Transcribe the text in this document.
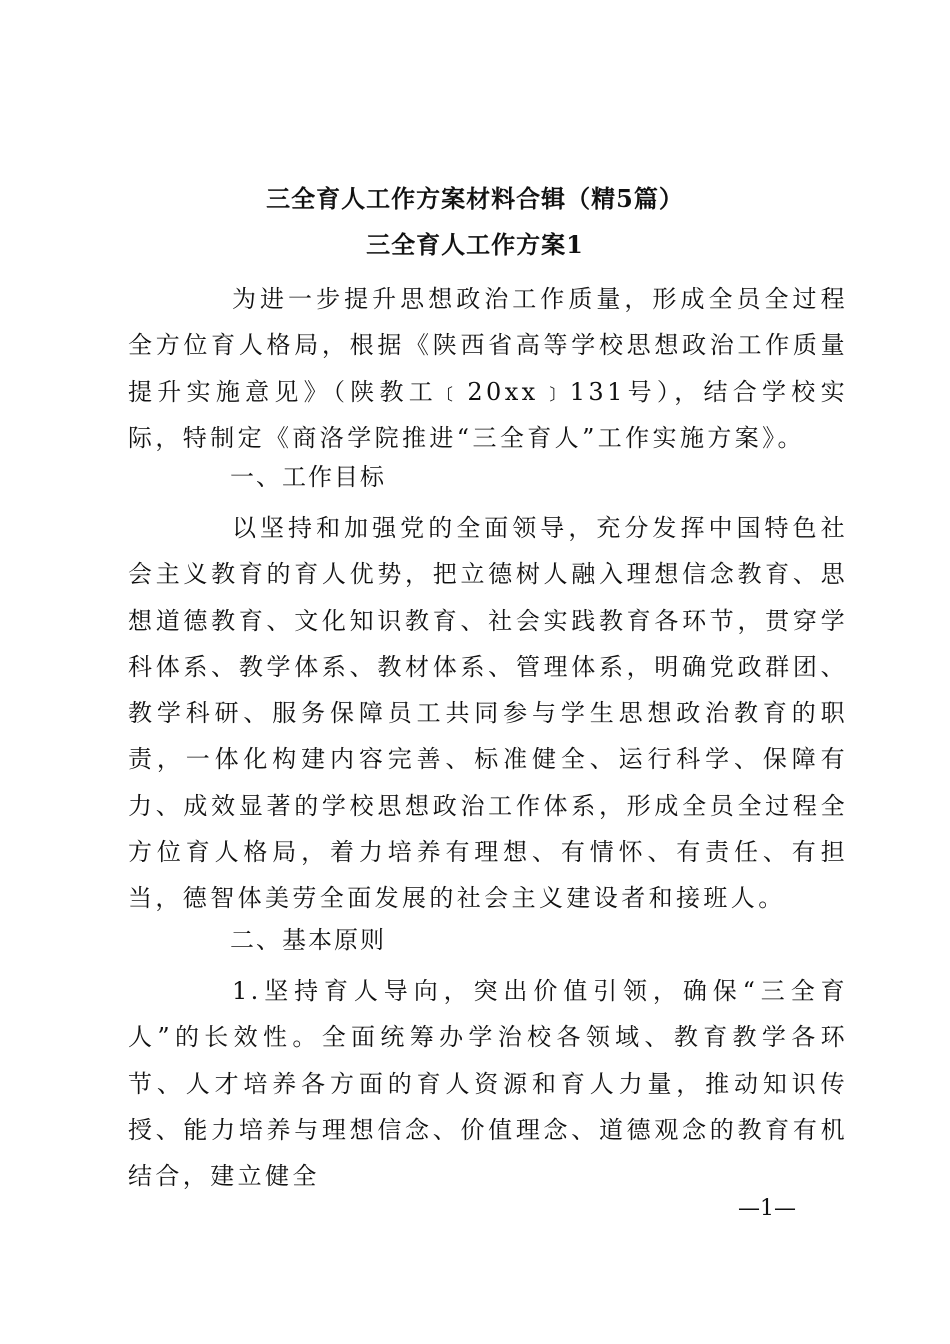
三全育人工作方案材料合辑（精5篇）
三全育人工作方案1

为进一步提升思想政治工作质量，形成全员全过程全方位育人格局，根据《陕西省高等学校思想政治工作质量提升实施意见》（陕教工﹝20xx﹞131号），结合学校实际，特制定《商洛学院推进“三全育人”工作实施方案》。

一、工作目标

以坚持和加强党的全面领导，充分发挥中国特色社会主义教育的育人优势，把立德树人融入理想信念教育、思想道德教育、文化知识教育、社会实践教育各环节，贯穿学科体系、教学体系、教材体系、管理体系，明确党政群团、教学科研、服务保障员工共同参与学生思想政治教育的职责，一体化构建内容完善、标准健全、运行科学、保障有力、成效显著的学校思想政治工作体系，形成全员全过程全方位育人格局，着力培养有理想、有情怀、有责任、有担当，德智体美劳全面发展的社会主义建设者和接班人。

二、基本原则

1.坚持育人导向，突出价值引领，确保“三全育人”的长效性。全面统筹办学治校各领域、教育教学各环节、人才培养各方面的育人资源和育人力量，推动知识传授、能力培养与理想信念、价值理念、道德观念的教育有机结合，建立健全

—1—
